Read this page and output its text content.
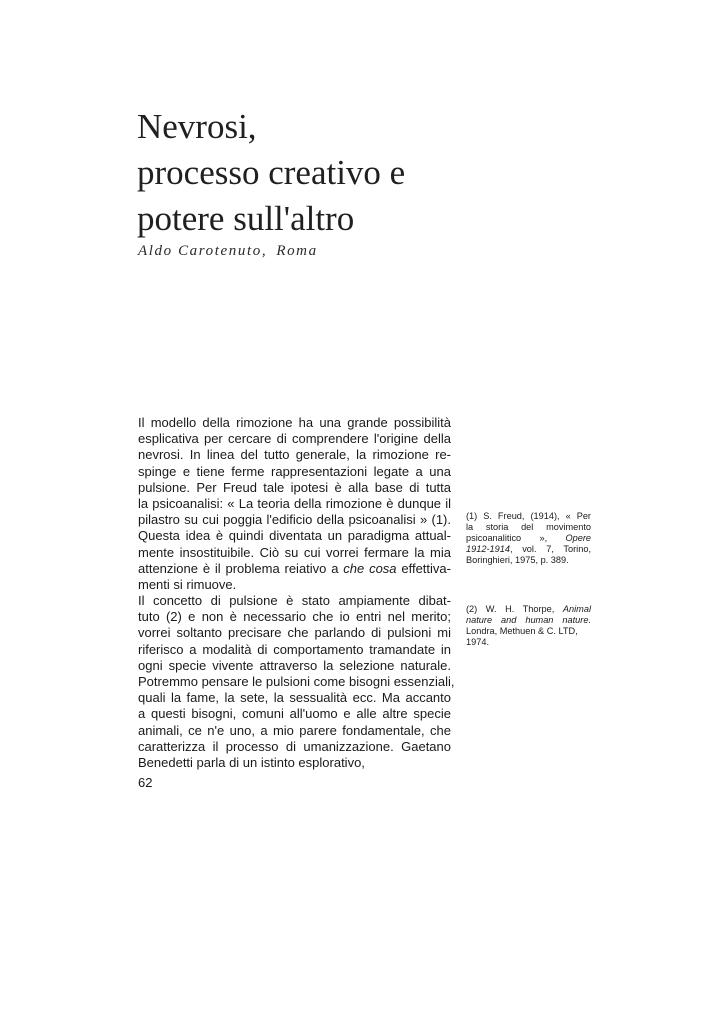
Nevrosi,
processo creativo e
potere sull'altro
Aldo Carotenuto, Roma
Il modello della rimozione ha una grande possibilità
esplicativa per cercare di comprendere l'origine della
nevrosi. In linea del tutto generale, la rimozione re-
spinge e tiene ferme rappresentazioni legate a una
pulsione. Per Freud tale ipotesi è alla base di tutta
la psicoanalisi: « La teoria della rimozione è dunque il
pilastro su cui poggia l'edificio della psicoanalisi » (1).
Questa idea è quindi diventata un paradigma attual-
mente insostituibile. Ciò su cui vorrei fermare la mia
attenzione è il problema reiativo a che cosa effettiva-
menti si rimuove.
Il concetto di pulsione è stato ampiamente dibat-
tuto (2) e non è necessario che io entri nel merito;
vorrei soltanto precisare che parlando di pulsioni mi
riferisco a modalità di comportamento tramandate in
ogni specie vivente attraverso la selezione naturale.
Potremmo pensare le pulsioni come bisogni essenziali,
quali la fame, la sete, la sessualità ecc. Ma accanto
a questi bisogni, comuni all'uomo e alle altre specie
animali, ce n'e uno, a mio parere fondamentale, che
caratterizza il processo di umanizzazione. Gaetano
Benedetti parla di un istinto esplorativo,
(1) S. Freud, (1914), « Per
la storia del movimento
psicoanalitico », Opere
1912-1914, vol. 7, Torino,
Boringhieri, 1975, p. 389.
(2) W. H. Thorpe, Animal
nature and human nature.
Londra, Methuen & C. LTD,
1974.
62
